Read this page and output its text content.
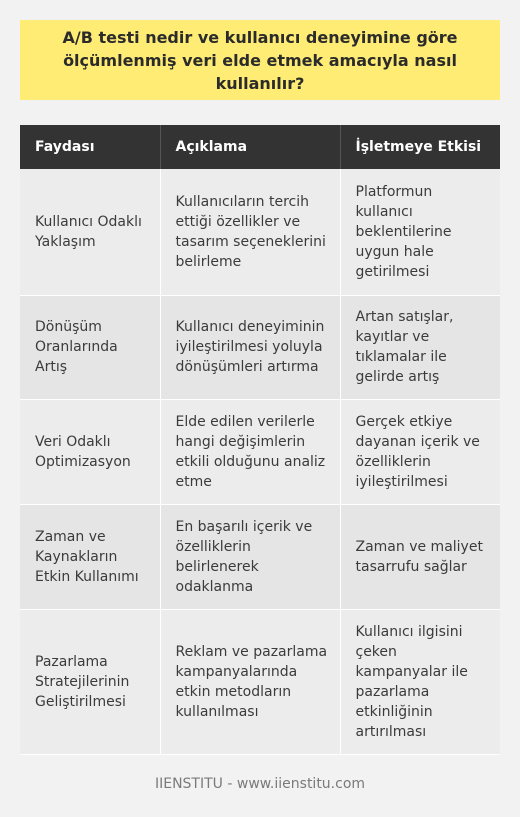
A/B testi nedir ve kullanıcı deneyimine göre ölçümlenmiş veri elde etmek amacıyla nasıl kullanılır?
Faydası	Açıklama	İşletmeye Etkisi
Kullanıcı Odaklı Yaklaşım	Kullanıcıların tercih ettiği özellikler ve tasarım seçeneklerini belirleme	Platformun kullanıcı beklentilerine uygun hale getirilmesi
Dönüşüm Oranlarında Artış	Kullanıcı deneyiminin iyileştirilmesi yoluyla dönüşümleri artırma	Artan satışlar, kayıtlar ve tıklamalar ile gelirde artış
Veri Odaklı Optimizasyon	Elde edilen verilerle hangi değişimlerin etkili olduğunu analiz etme	Gerçek etkiye dayanan içerik ve özelliklerin iyileştirilmesi
Zaman ve Kaynakların Etkin Kullanımı	En başarılı içerik ve özelliklerin belirlenerek odaklanma	Zaman ve maliyet tasarrufu sağlar
Pazarlama Stratejilerinin Geliştirilmesi	Reklam ve pazarlama kampanyalarında etkin metodların kullanılması	Kullanıcı ilgisini çeken kampanyalar ile pazarlama etkinliğinin artırılması
IIENSTITU - www.iienstitu.com
